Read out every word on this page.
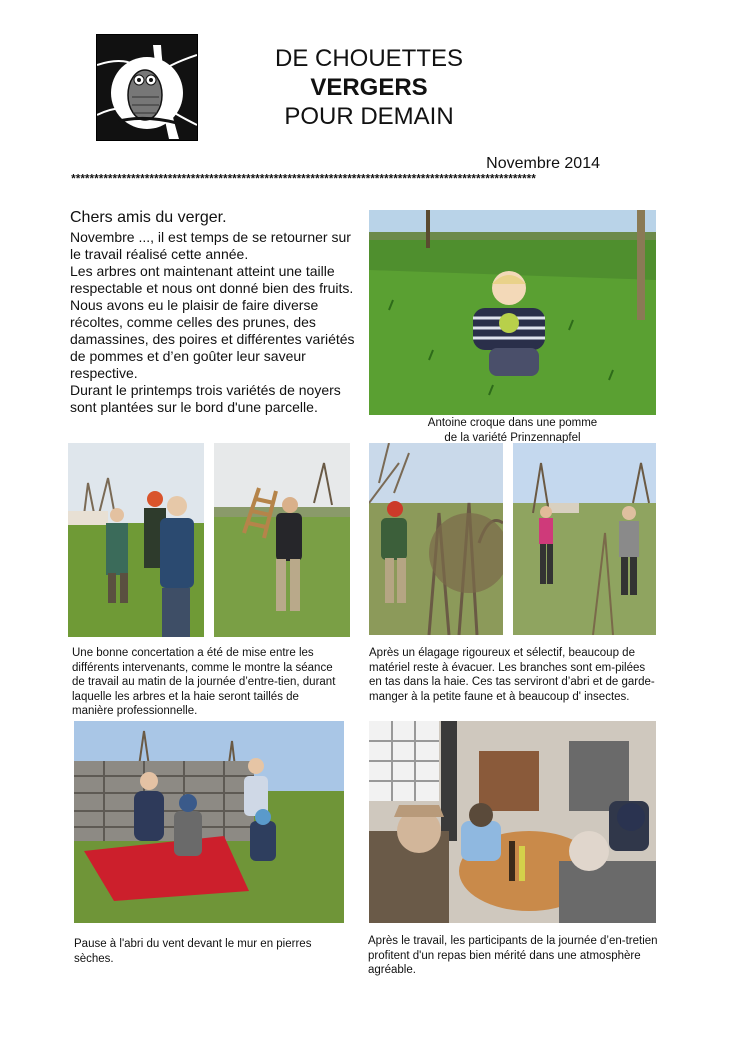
DE CHOUETTES
VERGERS
POUR DEMAIN
Novembre 2014
*****************************************************************************************************
Chers amis du verger.

Novembre ..., il est temps de se retourner sur le travail réalisé cette année.

Les arbres ont maintenant atteint une taille respectable et nous ont donné bien des fruits. Nous avons eu le plaisir de faire diverse récoltes, comme celles des prunes, des damassines, des poires et différentes variétés de pommes et d’en goûter leur saveur respective.

Durant le printemps trois variétés de noyers sont plantées sur le bord d'une parcelle.

Antoine croque dans une pomme
de la variété Prinzennapfel
Une bonne concertation a été de mise entre les différents intervenants, comme le montre la séance de travail au matin de la journée d’entre-tien, durant laquelle les arbres et la haie seront taillés de manière professionnelle.
Après un élagage rigoureux et sélectif, beaucoup de matériel reste à évacuer. Les branches sont em-pilées en tas dans la haie. Ces tas serviront d’abri et de garde-manger à la petite faune et à beaucoup d' insectes.
Pause à l'abri du vent devant le mur en pierres sèches.
Après le travail, les participants de la journée d’en-tretien profitent d'un repas bien mérité dans une atmosphère agréable.
